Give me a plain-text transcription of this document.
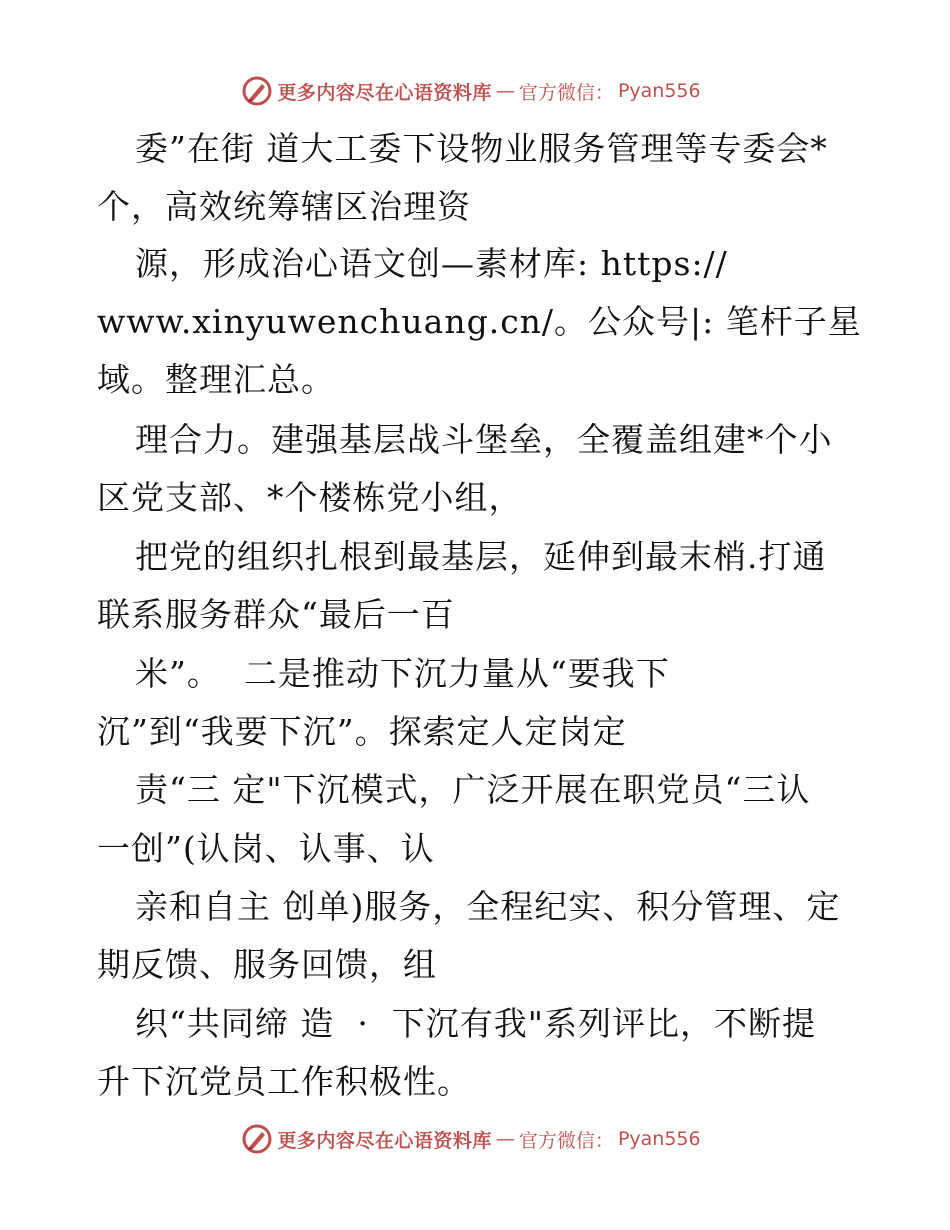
更多内容尽在心语资料库 — 官方微信： Pyan556
委”在街 道大工委下设物业服务管理等专委会*
个，高效统筹辖区治理资
源，形成治心语文创—素材库: https://
www.xinyuwenchuang.cn/。公众号|: 笔杆子星
域。整理汇总。
理合力。建强基层战斗堡垒，全覆盖组建*个小
区党支部、*个楼栋党小组，
把党的组织扎根到最基层，延伸到最末梢.打通
联系服务群众“最后一百
米”。  二是推动下沉力量从“要我下
沉”到“我要下沉”。探索定人定岗定
责“三 定"下沉模式，广泛开展在职党员“三认
一创”(认岗、认事、认
亲和自主 创单)服务，全程纪实、积分管理、定
期反馈、服务回馈，组
织“共同缔 造  ·  下沉有我"系列评比，不断提
升下沉党员工作积极性。
更多内容尽在心语资料库 — 官方微信： Pyan556
